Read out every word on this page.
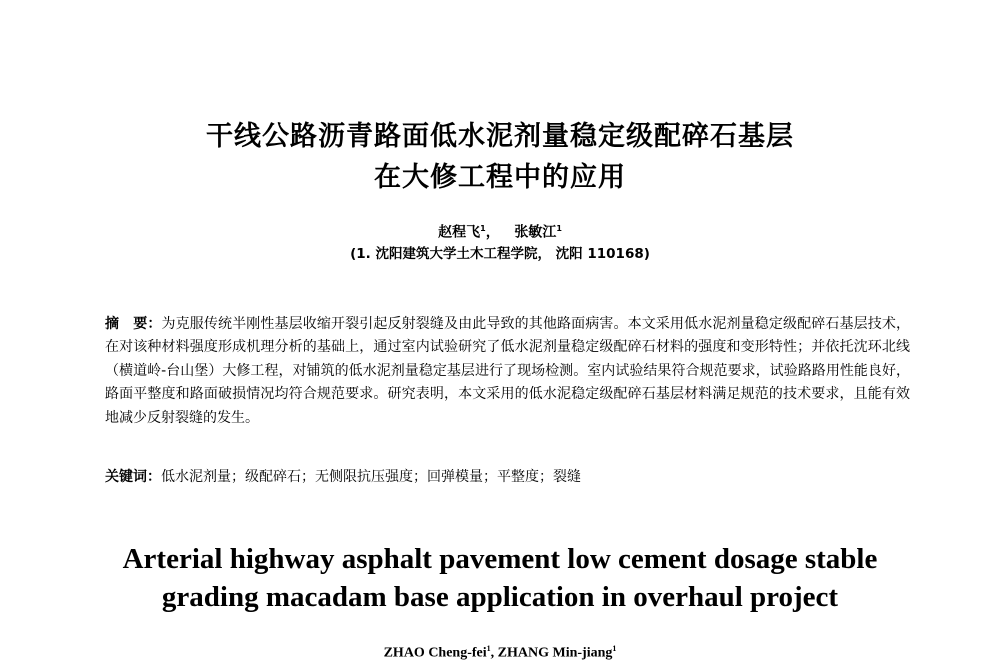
干线公路沥青路面低水泥剂量稳定级配碎石基层
在大修工程中的应用
赵程飞$^1$， 张敏江$^1$
(1. 沈阳建筑大学土木工程学院， 沈阳 110168)
摘　要：为克服传统半刚性基层收缩开裂引起反射裂缝及由此导致的其他路面病害。本文采用低水泥剂量稳定级配碎石基层技术，在对该种材料强度形成机理分析的基础上，通过室内试验研究了低水泥剂量稳定级配碎石材料的强度和变形特性；并依托沈环北线（横道岭-台山堡）大修工程，对铺筑的低水泥剂量稳定基层进行了现场检测。室内试验结果符合规范要求，试验路路用性能良好，路面平整度和路面破损情况均符合规范要求。研究表明，本文采用的低水泥稳定级配碎石基层材料满足规范的技术要求，且能有效地减少反射裂缝的发生。
关键词：低水泥剂量；级配碎石；无侧限抗压强度；回弹模量；平整度；裂缝
Arterial highway asphalt pavement low cement dosage stable
grading macadam base application in overhaul project
ZHAO Cheng-fei$^1$, ZHANG Min-jiang$^1$
